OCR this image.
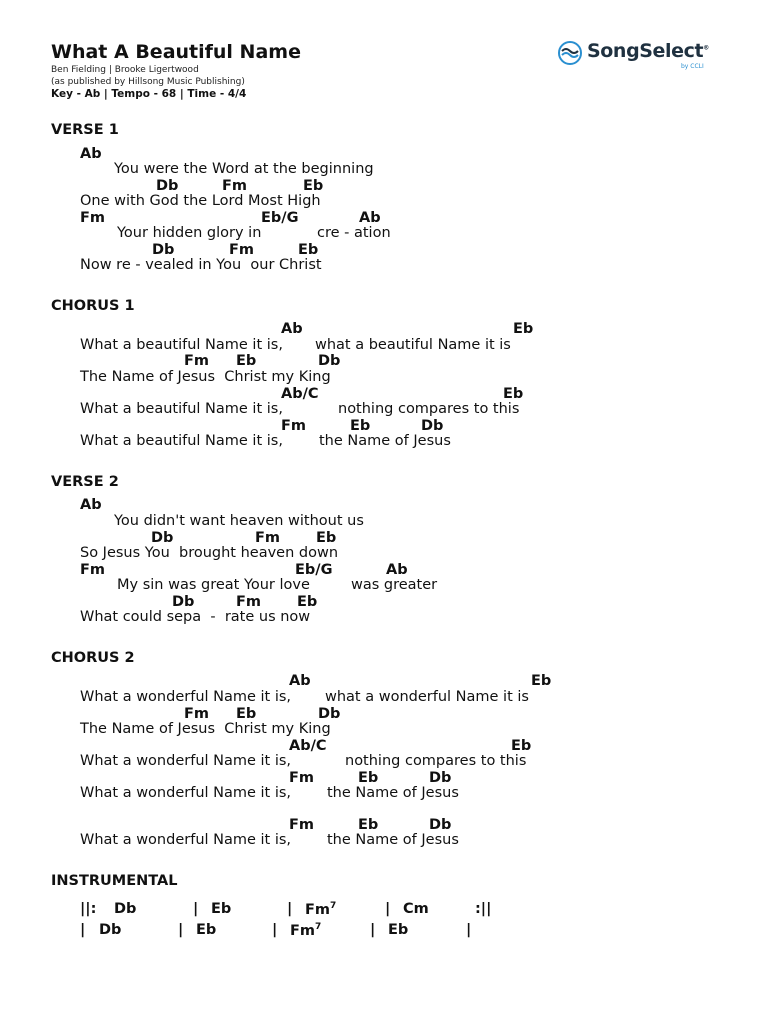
What A Beautiful Name
Ben Fielding | Brooke Ligertwood
(as published by Hillsong Music Publishing)
Key - Ab | Tempo - 68 | Time - 4/4
SongSelect®
by CCLI
VERSE 1
Ab
You were the Word at the beginning
Db	Fm	Eb
One with God the Lord Most High
Fm	Eb/G	Ab
Your hidden glory in	cre - ation
Db	Fm	Eb
Now re - vealed in You  our Christ
CHORUS 1
Ab	Eb
What a beautiful Name it is, what a beautiful Name it is
Fm Eb	Db
The Name of Jesus  Christ my King
Ab/C	Eb
What a beautiful Name it is,	nothing compares to this
Fm	Eb	Db
What a beautiful Name it is, the Name of Jesus
VERSE 2
Ab
You didn't want heaven without us
Db	Fm Eb
So Jesus You  brought heaven down
Fm	Eb/G	Ab
My sin was great Your love	was greater
Db	Fm Eb
What could sepa  -  rate us now
CHORUS 2
Ab	Eb
What a wonderful Name it is, what a wonderful Name it is
Fm Eb	Db
The Name of Jesus  Christ my King
Ab/C	Eb
What a wonderful Name it is,	nothing compares to this
Fm	Eb	Db
What a wonderful Name it is, the Name of Jesus
Fm	Eb	Db
What a wonderful Name it is, the Name of Jesus
INSTRUMENTAL
||: Db	| Eb	| Fm$^7$	| Cm	:||
| Db	| Eb	| Fm$^7$	| Eb	|
